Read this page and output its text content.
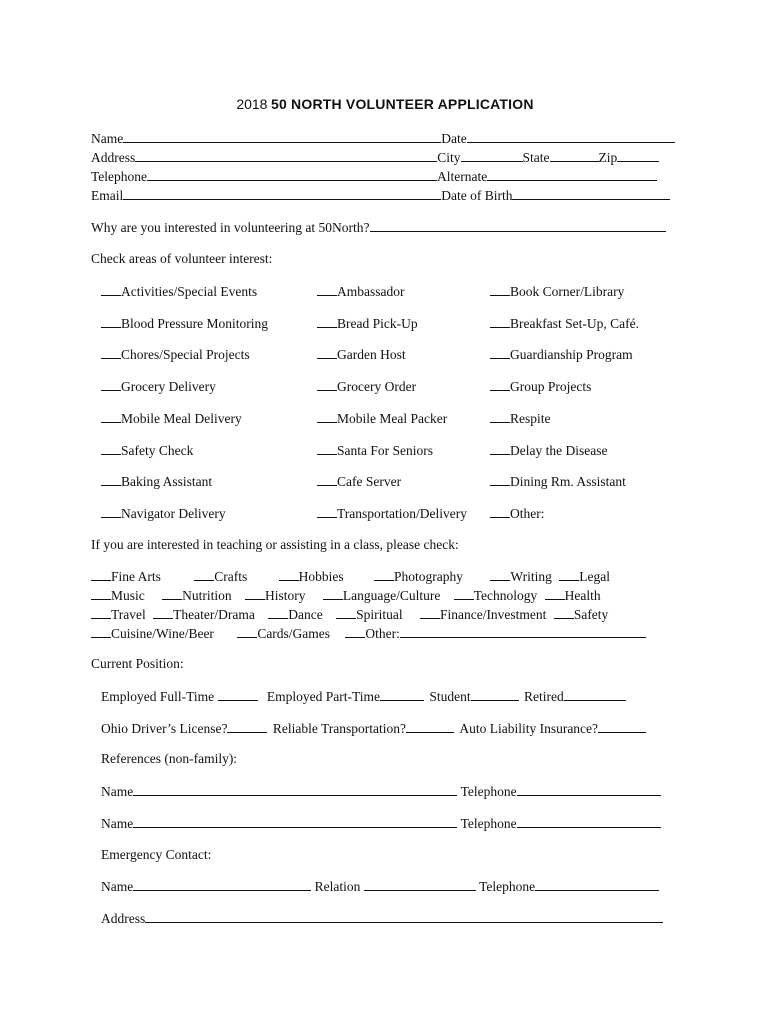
2018 50 NORTH VOLUNTEER APPLICATION
Name	Date
Address	City	State	Zip
Telephone	Alternate
Email	Date of Birth
Why are you interested in volunteering at 50North?
Check areas of volunteer interest:
Activities/Special Events	Ambassador	Book Corner/Library
Blood Pressure Monitoring	Bread Pick-Up	Breakfast Set-Up, Café.
Chores/Special Projects	Garden Host	Guardianship Program
Grocery Delivery	Grocery Order	Group Projects
Mobile Meal Delivery	Mobile Meal Packer	Respite
Safety Check	Santa For Seniors	Delay the Disease
Baking Assistant	Cafe Server	Dining Rm. Assistant
Navigator Delivery	Transportation/Delivery	Other:
If you are interested in teaching or assisting in a class, please check:
Fine Arts	Crafts	Hobbies	Photography	Writing Legal
Music	Nutrition History	Language/Culture Technology Health
Travel Theater/Drama Dance Spiritual	Finance/Investment Safety
Cuisine/Wine/Beer	Cards/Games	Other:
Current Position:
Employed Full-Time	Employed Part-Time	Student	Retired
Ohio Driver’s License?	Reliable Transportation?	Auto Liability Insurance?
References (non-family):
Name	Telephone
Name	Telephone
Emergency Contact:
Name	Relation	Telephone
Address
